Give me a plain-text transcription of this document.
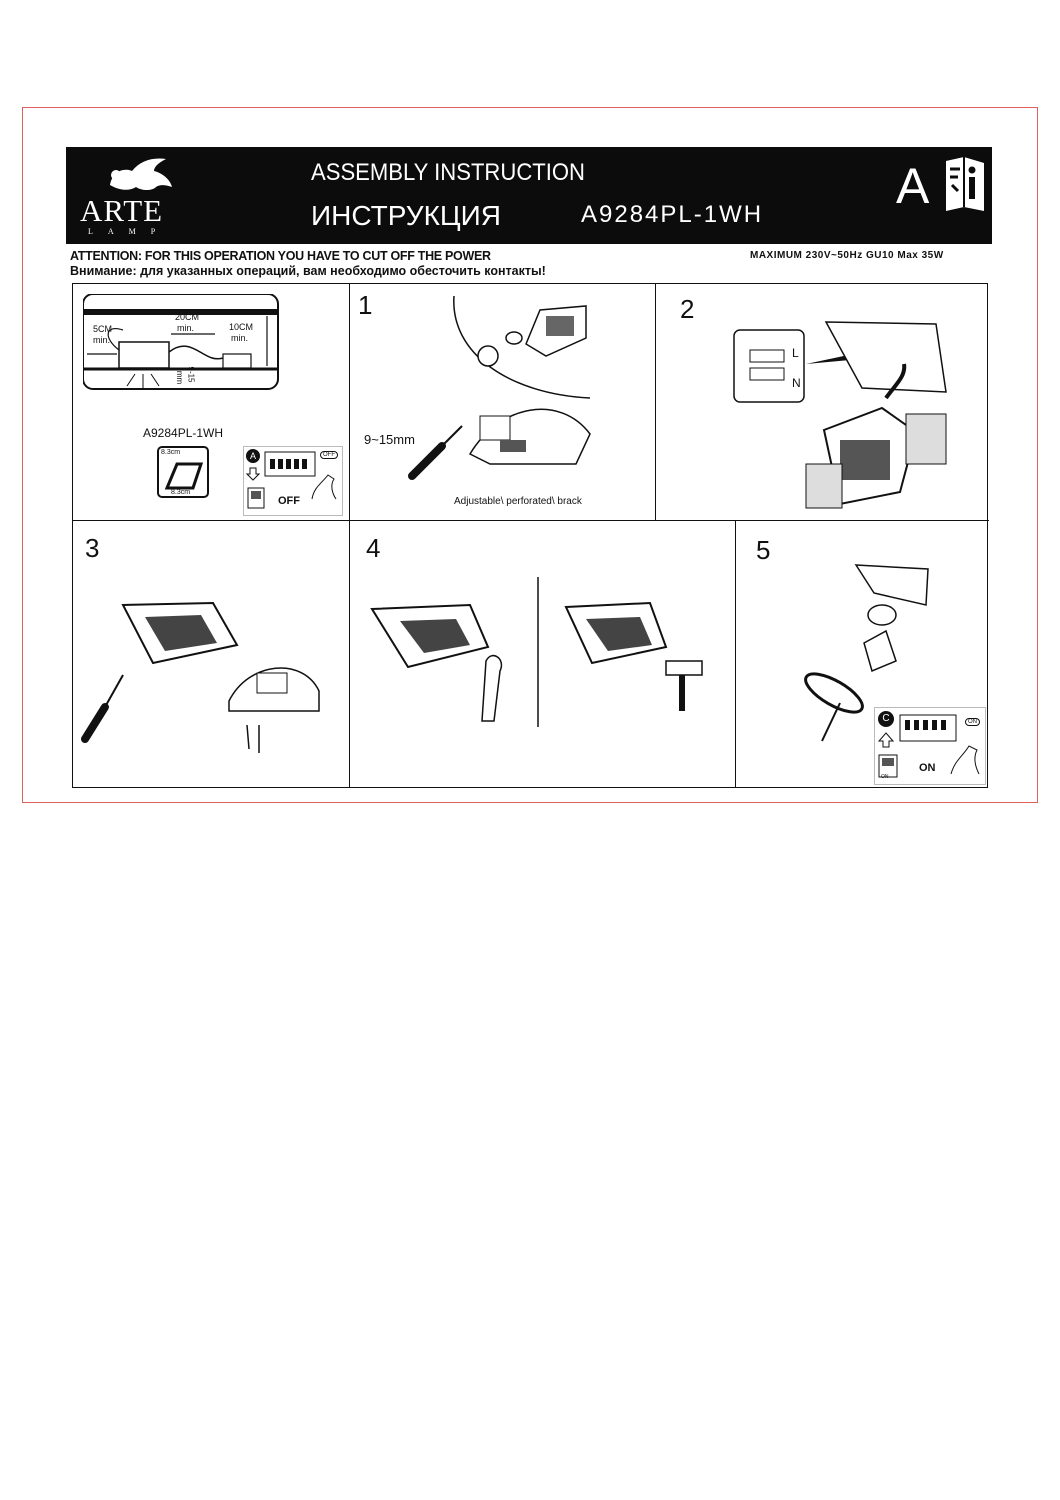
ARTE
LAMP
ASSEMBLY INSTRUCTION
ИНСТРУКЦИЯ	A9284PL-1WH
A
ATTENTION: FOR THIS OPERATION YOU HAVE TO CUT OFF THE POWER
Внимание: для указанных операций, вам необходимо обесточить контакты!
MAXIMUM 230V~50Hz GU10 Max 35W
5CM
min.
20CM
min.	10CM
min.
9-15
mm
A9284PL-1WH
8.3cm
8.3cm
A	OFF
OFF
1
9~15mm
Adjustable\ perforated\ brack
2
L
N
3	4	5
C	ON
ON
ON
